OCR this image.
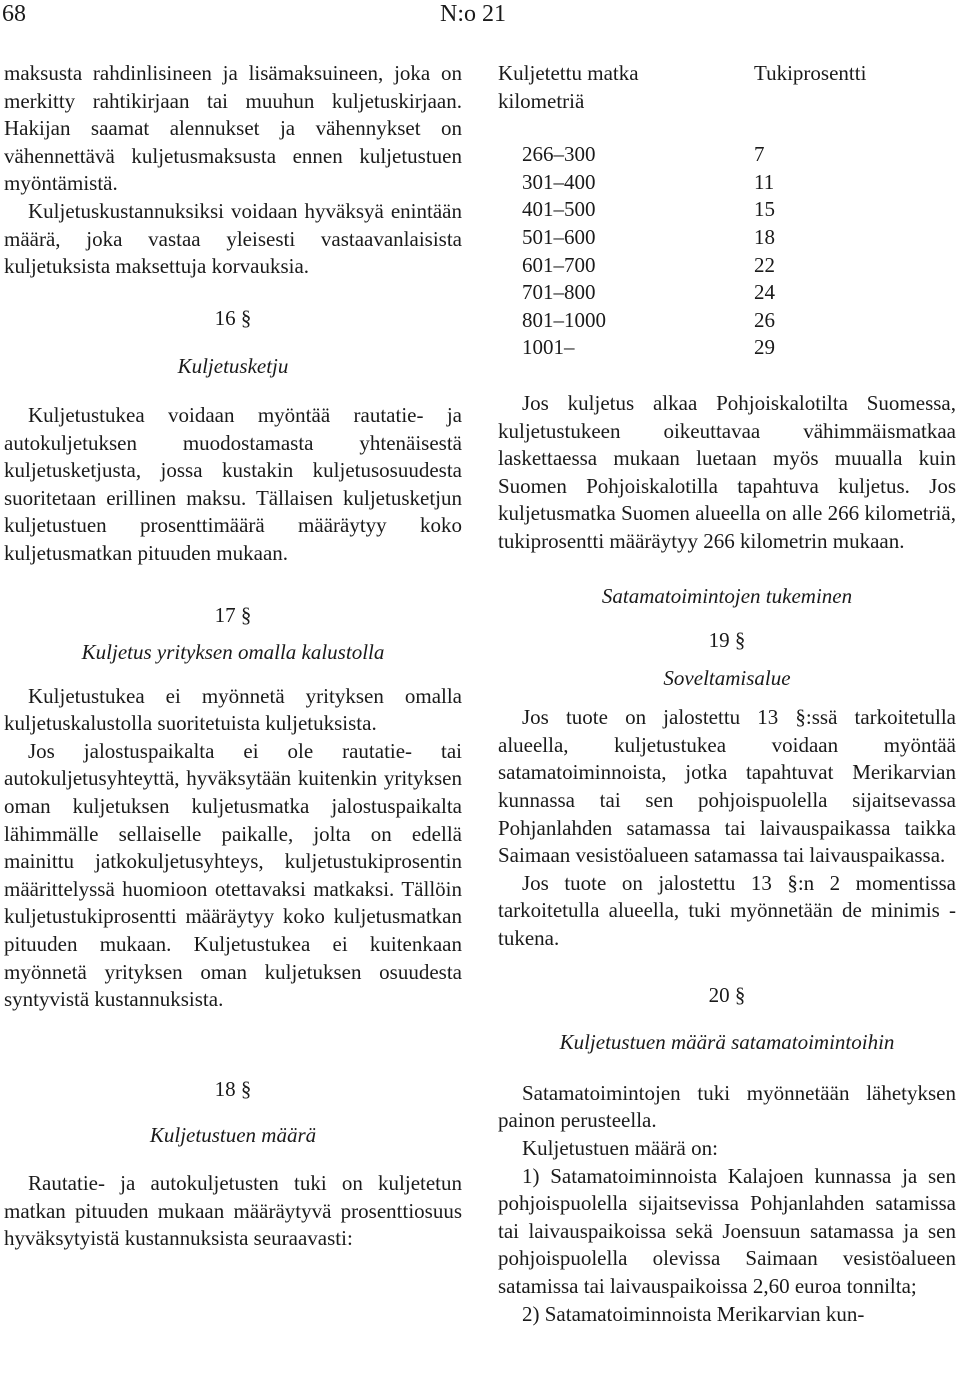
68	N:o 21

maksusta rahdinlisineen ja lisämaksuineen, joka on merkitty rahtikirjaan tai muuhun kuljetuskirjaan. Hakijan saamat alennukset ja vähennykset on vähennettävä kuljetusmaksusta ennen kuljetustuen myöntämistä.

Kuljetuskustannuksiksi voidaan hyväksyä enintään määrä, joka vastaa yleisesti vastaavanlaisista kuljetuksista maksettuja korvauksia.

16 §
Kuljetusketju

Kuljetustukea voidaan myöntää rautatie- ja autokuljetuksen muodostamasta yhtenäisestä kuljetusketjusta, jossa kustakin kuljetusosuudesta suoritetaan erillinen maksu. Tällaisen kuljetusketjun kuljetustuen prosenttimäärä määräytyy koko kuljetusmatkan pituuden mukaan.

17 §
Kuljetus yrityksen omalla kalustolla

Kuljetustukea ei myönnetä yrityksen omalla kuljetuskalustolla suoritetuista kuljetuksista.

Jos jalostuspaikalta ei ole rautatie- tai autokuljetusyhteyttä, hyväksytään kuitenkin yrityksen oman kuljetuksen kuljetusmatka jalostuspaikalta lähimmälle sellaiselle paikalle, jolta on edellä mainittu jatkokuljetusyhteys, kuljetustukiprosentin määrittelyssä huomioon otettavaksi matkaksi. Tällöin kuljetustukiprosentti määräytyy koko kuljetusmatkan pituuden mukaan. Kuljetustukea ei kuitenkaan myönnetä yrityksen oman kuljetuksen osuudesta syntyvistä kustannuksista.

18 §
Kuljetustuen määrä

Rautatie- ja autokuljetusten tuki on kuljetetun matkan pituuden mukaan määräytyvä prosenttiosuus hyväksytyistä kustannuksista seuraavasti:

Kuljetettu matka
kilometriä	Tukiprosentti

266–300	7
301–400	11
401–500	15
501–600	18
601–700	22
701–800	24
801–1000	26
1001–	29

Jos kuljetus alkaa Pohjoiskalotilta Suomessa, kuljetustukeen oikeuttavaa vähimmäismatkaa laskettaessa mukaan luetaan myös muualla kuin Suomen Pohjoiskalotilla tapahtuva kuljetus. Jos kuljetusmatka Suomen alueella on alle 266 kilometriä, tukiprosentti määräytyy 266 kilometrin mukaan.

Satamatoimintojen tukeminen
19 §
Soveltamisalue

Jos tuote on jalostettu 13 §:ssä tarkoitetulla alueella, kuljetustukea voidaan myöntää satamatoiminnoista, jotka tapahtuvat Merikarvian kunnassa tai sen pohjoispuolella sijaitsevassa Pohjanlahden satamassa tai laivauspaikassa taikka Saimaan vesistöalueen satamassa tai laivauspaikassa.

Jos tuote on jalostettu 13 §:n 2 momentissa tarkoitetulla alueella, tuki myönnetään de minimis -tukena.

20 §
Kuljetustuen määrä satamatoimintoihin

Satamatoimintojen tuki myönnetään lähetyksen painon perusteella.

Kuljetustuen määrä on:

1) Satamatoiminnoista Kalajoen kunnassa ja sen pohjoispuolella sijaitsevissa Pohjanlahden satamissa tai laivauspaikoissa sekä Joensuun satamassa ja sen pohjoispuolella olevissa Saimaan vesistöalueen satamissa tai laivauspaikoissa 2,60 euroa tonnilta;

2) Satamatoiminnoista Merikarvian kun-
